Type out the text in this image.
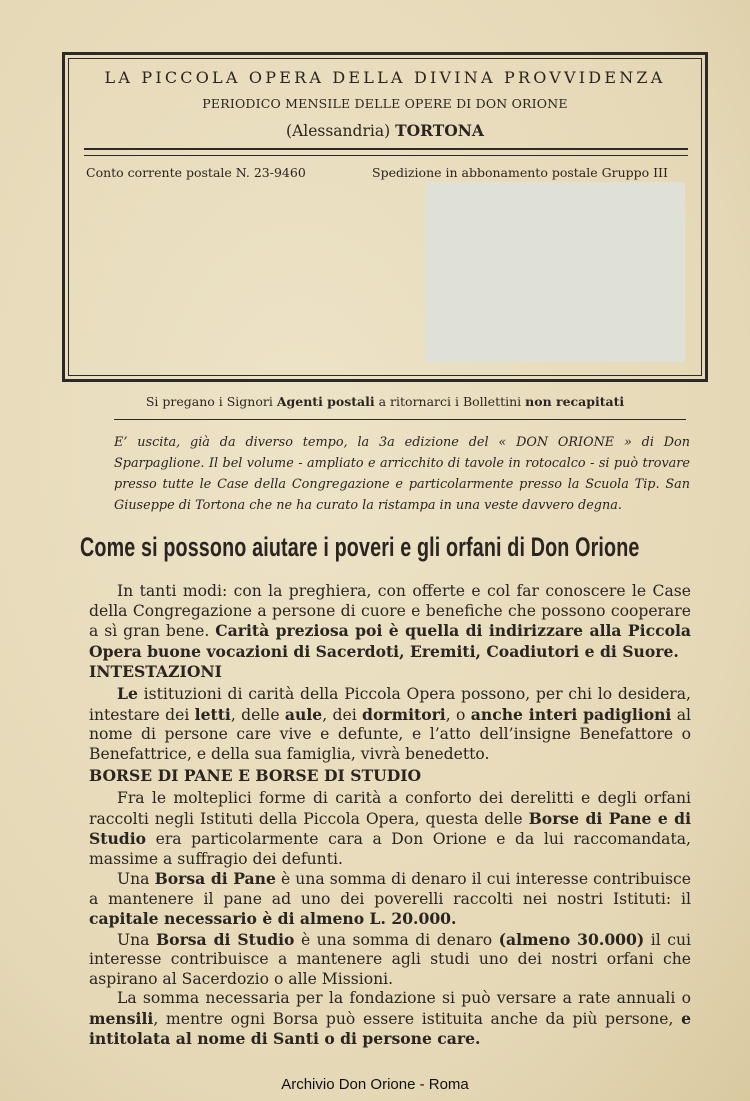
LA PICCOLA OPERA DELLA DIVINA PROVVIDENZA
PERIODICO MENSILE DELLE OPERE DI DON ORIONE
(Alessandria) TORTONA
Conto corrente postale N. 23-9460	Spedizione in abbonamento postale Gruppo III
Si pregano i Signori Agenti postali a ritornarci i Bollettini non recapitati
E’ uscita, già da diverso tempo, la 3a edizione del « DON ORIONE » di Don Sparpaglione. Il bel volume - ampliato e arricchito di tavole in rotocalco - si può trovare presso tutte le Case della Congregazione e particolarmente presso la Scuola Tip. San Giuseppe di Tortona che ne ha curato la ristampa in una veste davvero degna.
Come si possono aiutare i poveri e gli orfani di Don Orione

In tanti modi: con la preghiera, con offerte e col far conoscere le Case della Congregazione a persone di cuore e benefiche che possono cooperare a sì gran bene. Carità preziosa poi è quella di indirizzare alla Piccola Opera buone vocazioni di Sacerdoti, Eremiti, Coadiutori e di Suore.

INTESTAZIONI

Le istituzioni di carità della Piccola Opera possono, per chi lo desidera, intestare dei letti, delle aule, dei dormitori, o anche interi padiglioni al nome di persone care vive e defunte, e l’atto dell’insigne Benefattore o Benefattrice, e della sua famiglia, vivrà benedetto.

BORSE DI PANE E BORSE DI STUDIO

Fra le molteplici forme di carità a conforto dei derelitti e degli orfani raccolti negli Istituti della Piccola Opera, questa delle Borse di Pane e di Studio era particolarmente cara a Don Orione e da lui raccomandata, massime a suffragio dei defunti.

Una Borsa di Pane è una somma di denaro il cui interesse contribuisce a mantenere il pane ad uno dei poverelli raccolti nei nostri Istituti: il capitale necessario è di almeno L. 20.000.

Una Borsa di Studio è una somma di denaro (almeno 30.000) il cui interesse contribuisce a mantenere agli studi uno dei nostri orfani che aspirano al Sacerdozio o alle Missioni.

La somma necessaria per la fondazione si può versare a rate annuali o mensili, mentre ogni Borsa può essere istituita anche da più persone, e intitolata al nome di Santi o di persone care.

Archivio Don Orione - Roma
